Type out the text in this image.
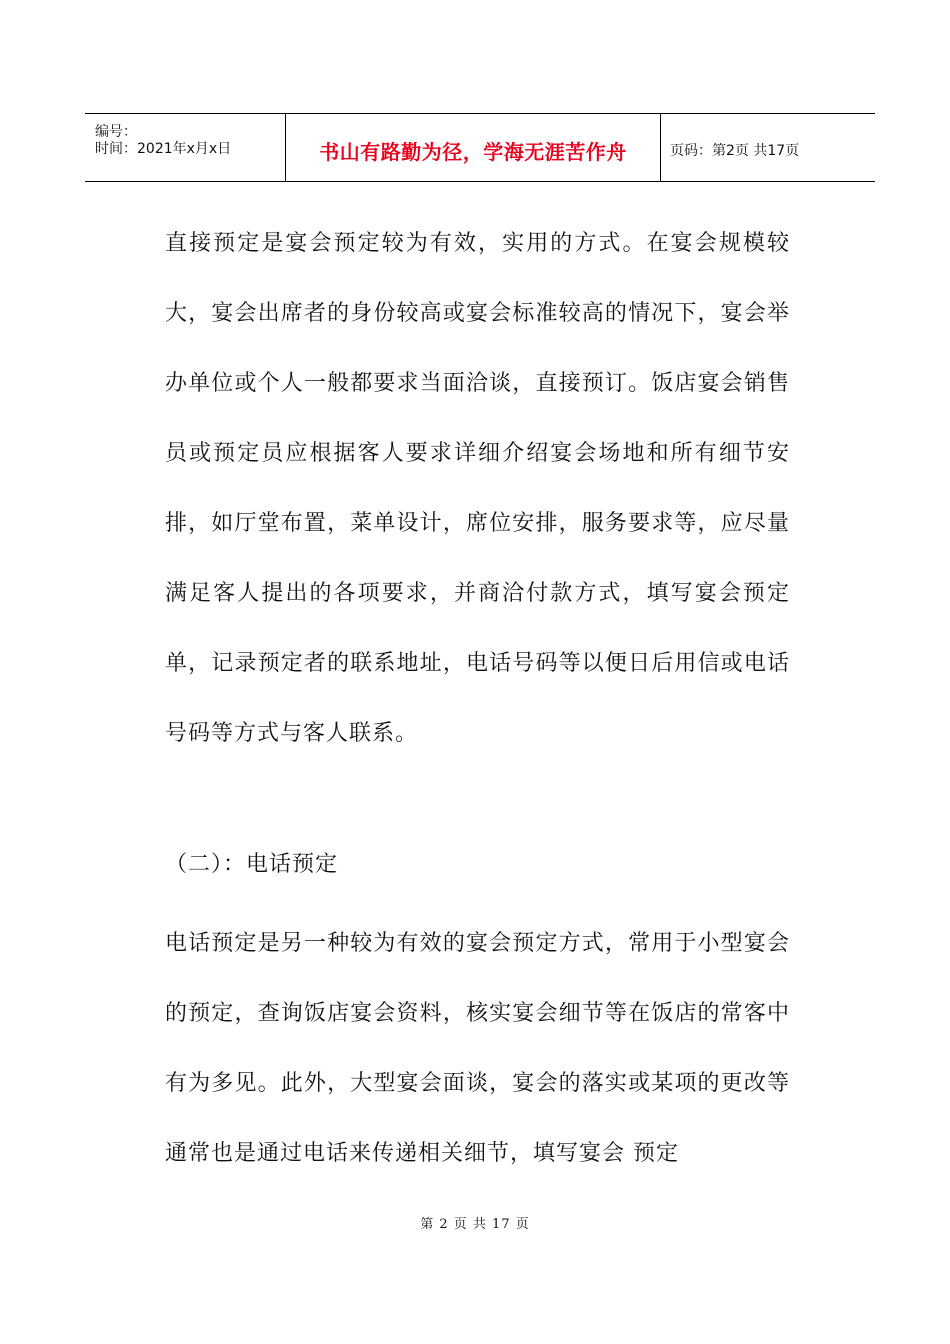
编号：
时间：2021年x月x日	书山有路勤为径，学海无涯苦作舟	页码：第2页 共17页

直接预定是宴会预定较为有效，实用的方式。在宴会规模较大，宴会出席者的身份较高或宴会标准较高的情况下，宴会举办单位或个人一般都要求当面洽谈，直接预订。饭店宴会销售员或预定员应根据客人要求详细介绍宴会场地和所有细节安排，如厅堂布置，菜单设计，席位安排，服务要求等，应尽量满足客人提出的各项要求，并商洽付款方式，填写宴会预定单，记录预定者的联系地址，电话号码等以便日后用信或电话号码等方式与客人联系。

（二）：电话预定

电话预定是另一种较为有效的宴会预定方式，常用于小型宴会的预定，查询饭店宴会资料，核实宴会细节等在饭店的常客中有为多见。此外，大型宴会面谈，宴会的落实或某项的更改等通常也是通过电话来传递相关细节，填写宴会 预定

第 2 页 共 17 页
